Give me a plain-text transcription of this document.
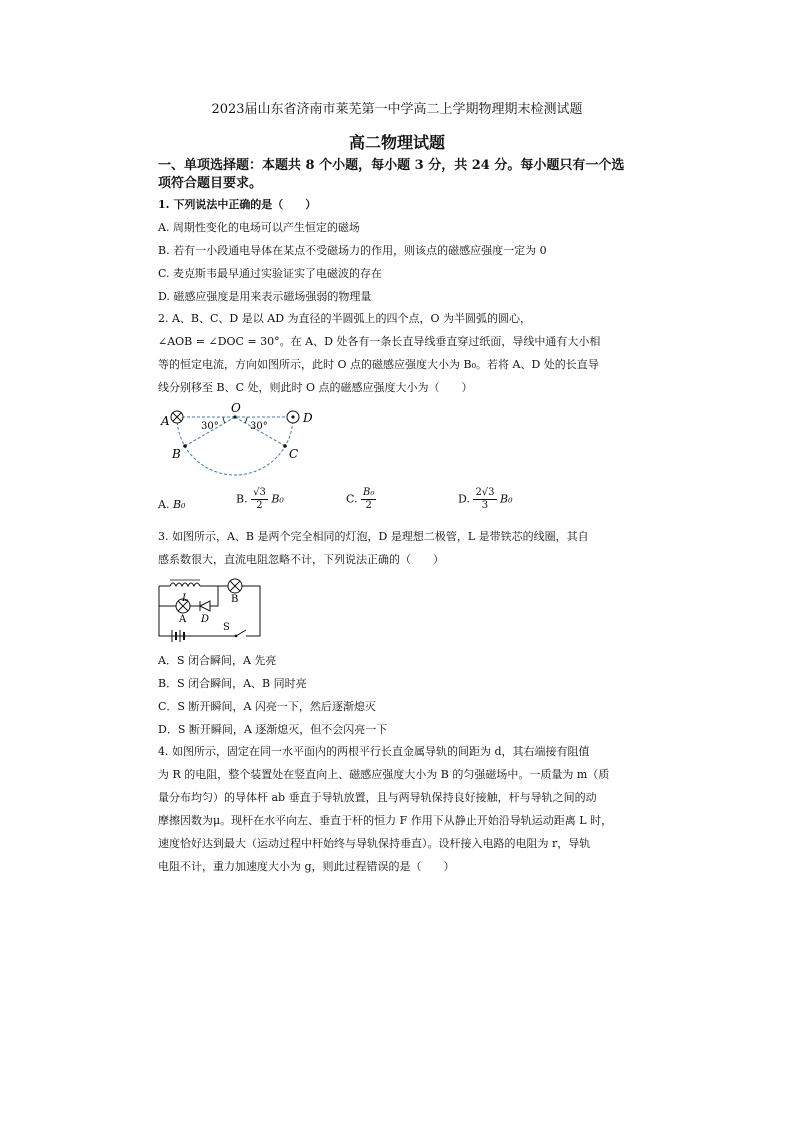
2023届山东省济南市莱芜第一中学高二上学期物理期末检测试题
高二物理试题
一、单项选择题：本题共 8 个小题，每小题 3 分，共 24 分。每小题只有一个选
项符合题目要求。
1. 下列说法中正确的是（　　）
A. 周期性变化的电场可以产生恒定的磁场
B. 若有一小段通电导体在某点不受磁场力的作用，则该点的磁感应强度一定为 0
C. 麦克斯韦最早通过实验证实了电磁波的存在
D. 磁感应强度是用来表示磁场强弱的物理量
2. A、B、C、D 是以 AD 为直径的半圆弧上的四个点，O 为半圆弧的圆心，
∠AOB = ∠DOC = 30°。在 A、D 处各有一条长直导线垂直穿过纸面，导线中通有大小相
等的恒定电流，方向如图所示，此时 O 点的磁感应强度大小为 B₀。若将 A、D 处的长直导
线分别移至 B、C 处，则此时 O 点的磁感应强度大小为（　　）
A	D
O
B	C
30°	30°
A. B₀	B. $\frac{√3}{2} B_0$	C. $\frac{\text{B₀}}{2}$	D. $\frac{2√3}{3} B_0$
3. 如图所示，A、B 是两个完全相同的灯泡，D 是理想二极管，L 是带铁芯的线圈，其自
感系数很大，直流电阻忽略不计，下列说法正确的（　　）
L	B
A D
S
A．S 闭合瞬间，A 先亮
B．S 闭合瞬间，A、B 同时亮
C．S 断开瞬间，A 闪亮一下，然后逐渐熄灭
D．S 断开瞬间，A 逐渐熄灭，但不会闪亮一下
4. 如图所示，固定在同一水平面内的两根平行长直金属导轨的间距为 d，其右端接有阻值
为 R 的电阻，整个装置处在竖直向上、磁感应强度大小为 B 的匀强磁场中。一质量为 m（质
量分布均匀）的导体杆 ab 垂直于导轨放置，且与两导轨保持良好接触，杆与导轨之间的动
摩擦因数为μ。现杆在水平向左、垂直于杆的恒力 F 作用下从静止开始沿导轨运动距离 L 时，
速度恰好达到最大（运动过程中杆始终与导轨保持垂直）。设杆接入电路的电阻为 r，导轨
电阻不计，重力加速度大小为 g，则此过程错误的是（　　）
